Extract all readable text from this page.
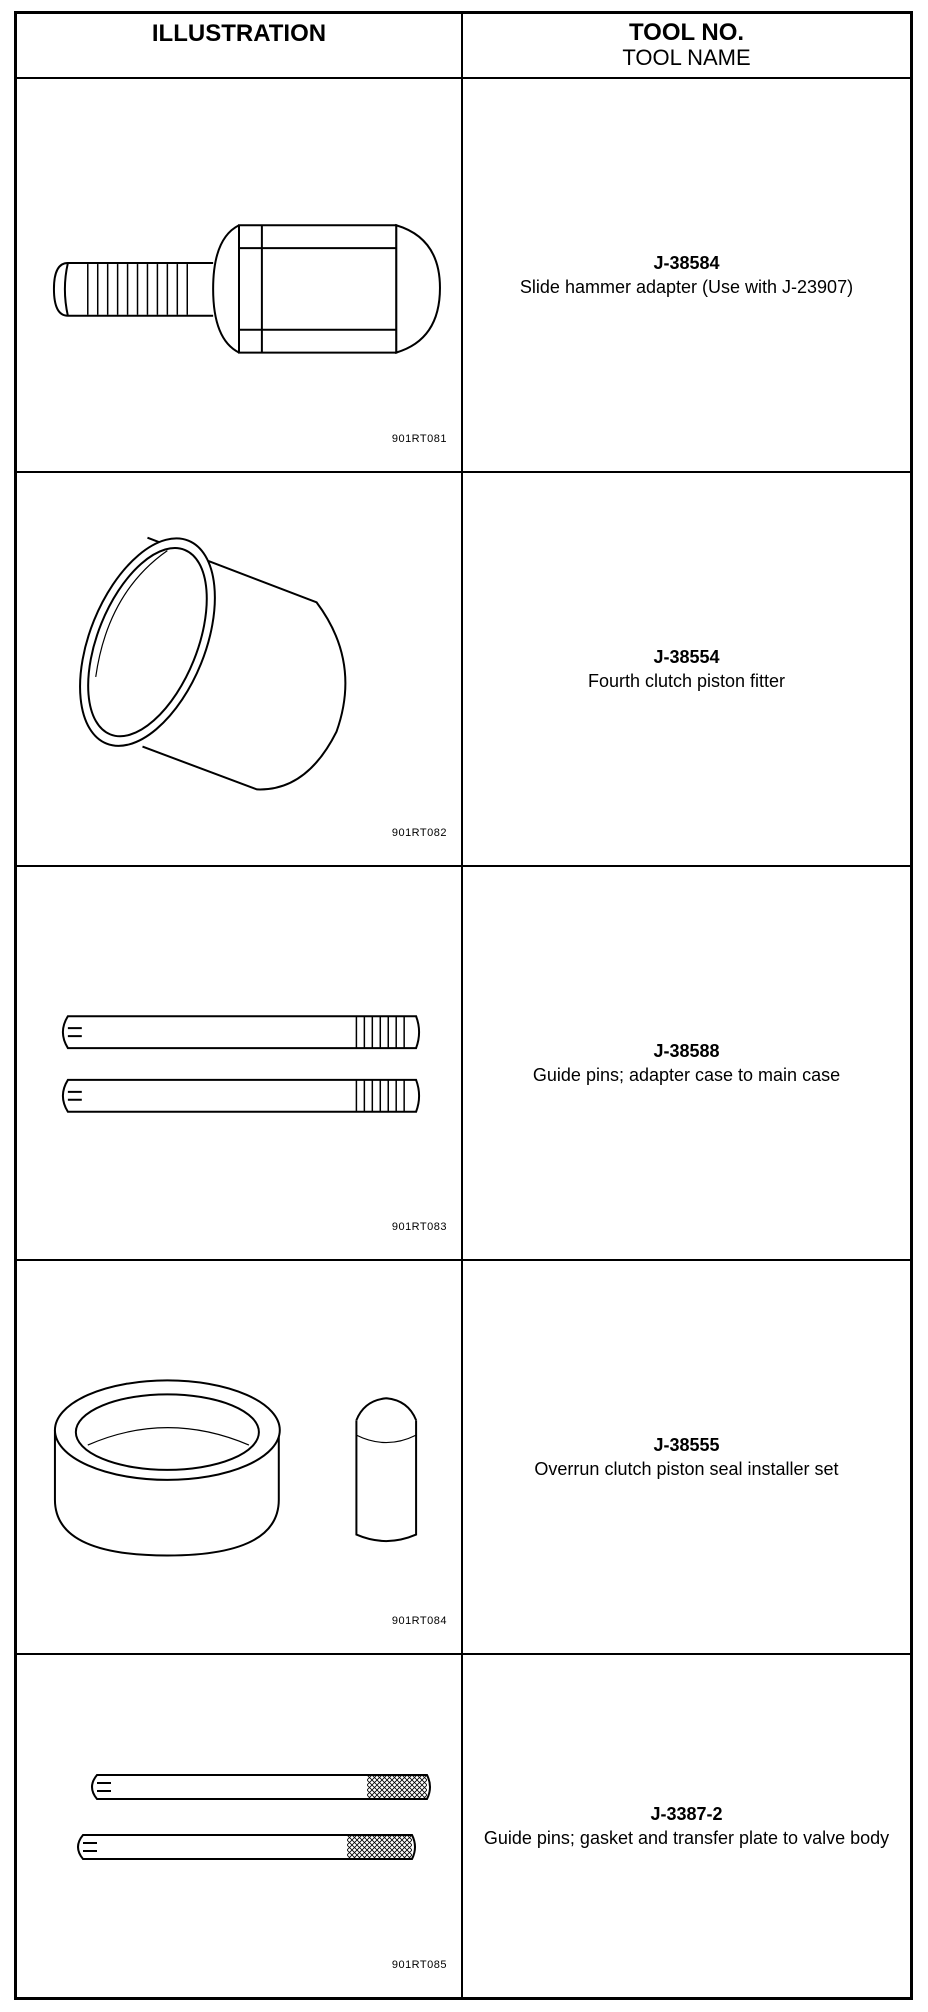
ILLUSTRATION	TOOL NO.
TOOL NAME
901RT081
J-38584
Slide hammer adapter (Use with J-23907)
901RT082
J-38554
Fourth clutch piston fitter
901RT083
J-38588
Guide pins; adapter case to main case
901RT084
J-38555
Overrun clutch piston seal installer set
901RT085
J-3387-2
Guide pins; gasket and transfer plate to valve body
